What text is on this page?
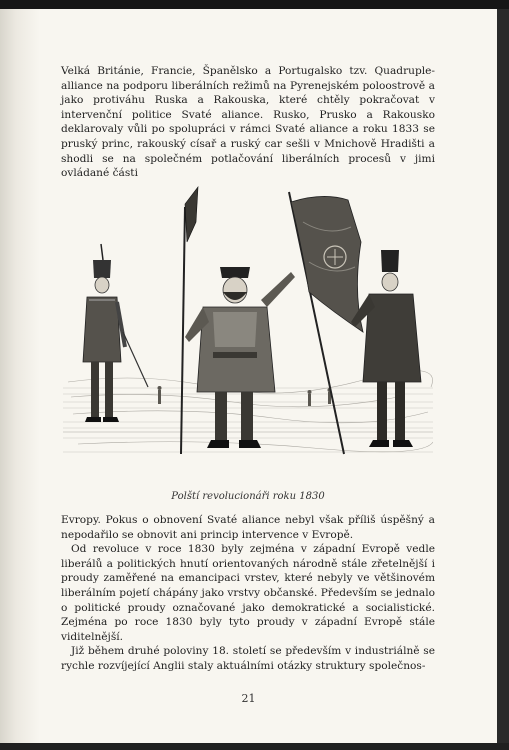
Velká Británie, Francie, Španělsko a Portugalsko tzv. Quadruple-alliance na podporu liberálních režimů na Pyrenejském poloostrově a jako protiváhu Ruska a Rakouska, které chtěly pokračovat v intervenční politice Svaté aliance. Rusko, Prusko a Rakousko deklarovaly vůli po spolupráci v rámci Svaté aliance a roku 1833 se pruský princ, rakouský císař a ruský car sešli v Mnichově Hradišti a shodli se na společném potlačování liberálních procesů v jimi ovládané části

Polští revolucionáři roku 1830

Evropy. Pokus o obnovení Svaté aliance nebyl však příliš úspěšný a nepodařilo se obnovit ani princip intervence v Evropě.

Od revoluce v roce 1830 byly zejména v západní Evropě vedle liberálů a politických hnutí orientovaných národně stále zřetelnější i proudy zaměřené na emancipaci vrstev, které nebyly ve většinovém liberálním pojetí chápány jako vrstvy občanské. Především se jednalo o politické proudy označované jako demokratické a socialistické. Zejména po roce 1830 byly tyto proudy v západní Evropě stále viditelnější.

Již během druhé poloviny 18. století se především v industriálně se rychle rozvíjející Anglii staly aktuálními otázky struktury společnos-

21
